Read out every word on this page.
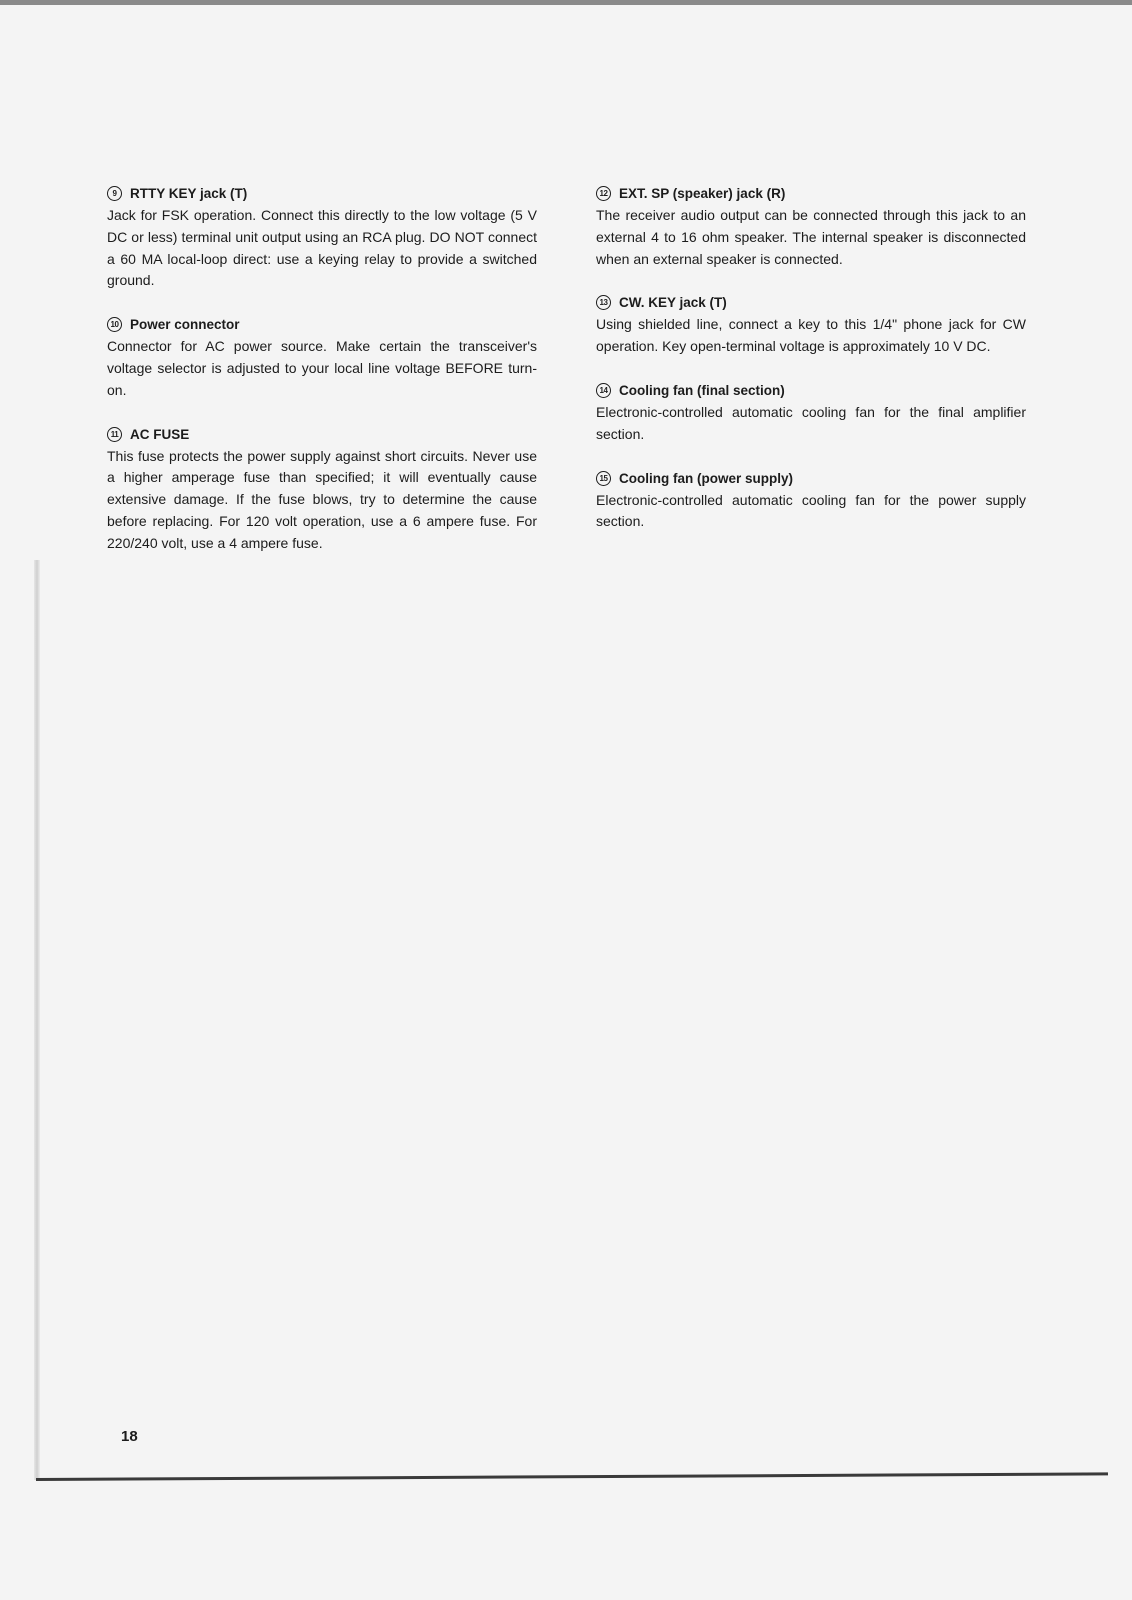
9	RTTY KEY jack (T)
Jack for FSK operation. Connect this directly to the low voltage (5 V DC or less) terminal unit output using an RCA plug. DO NOT connect a 60 MA local-loop direct: use a keying relay to provide a switched ground.
10 Power connector
Connector for AC power source. Make certain the transceiver's voltage selector is adjusted to your local line voltage BEFORE turn-on.
11 AC FUSE
This fuse protects the power supply against short circuits. Never use a higher amperage fuse than specified; it will eventually cause extensive damage. If the fuse blows, try to determine the cause before replacing. For 120 volt operation, use a 6 ampere fuse. For 220/240 volt, use a 4 ampere fuse.
12 EXT. SP (speaker) jack (R)
The receiver audio output can be connected through this jack to an external 4 to 16 ohm speaker. The internal speaker is disconnected when an external speaker is connected.
13 CW. KEY jack (T)
Using shielded line, connect a key to this 1/4" phone jack for CW operation. Key open-terminal voltage is approximately 10 V DC.
14 Cooling fan (final section)
Electronic-controlled automatic cooling fan for the final amplifier section.
15 Cooling fan (power supply)
Electronic-controlled automatic cooling fan for the power supply section.
18
